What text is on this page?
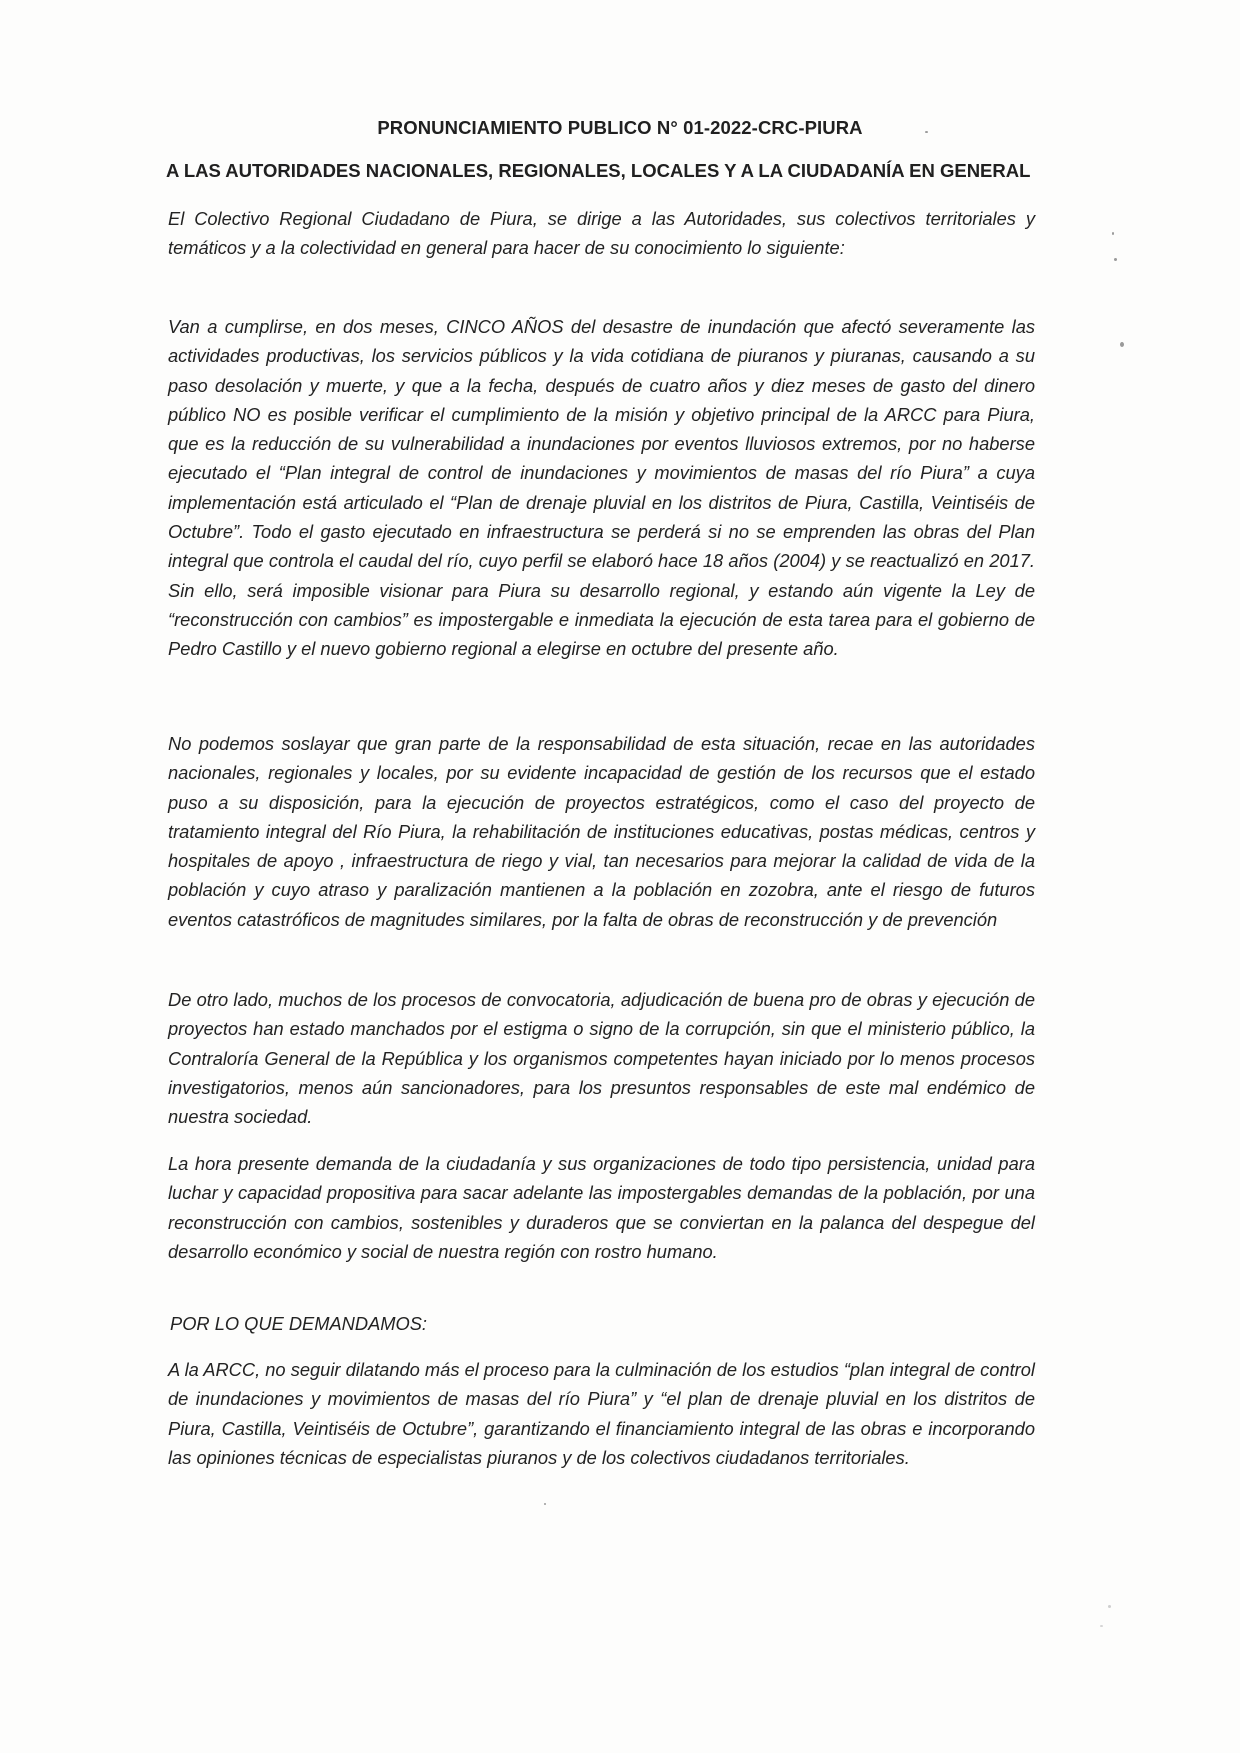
PRONUNCIAMIENTO PUBLICO N° 01-2022-CRC-PIURA
A LAS AUTORIDADES NACIONALES, REGIONALES, LOCALES Y A LA CIUDADANÍA EN GENERAL

El Colectivo Regional Ciudadano de Piura, se dirige a las Autoridades, sus colectivos territoriales y temáticos y a la colectividad en general para hacer de su conocimiento lo siguiente:

Van a cumplirse, en dos meses, CINCO AÑOS del desastre de inundación que afectó severamente las actividades productivas, los servicios públicos y la vida cotidiana de piuranos y piuranas, causando a su paso desolación y muerte, y que a la fecha, después de cuatro años y diez meses de gasto del dinero público NO es posible verificar el cumplimiento de la misión y objetivo principal de la ARCC para Piura, que es la reducción de su vulnerabilidad a inundaciones por eventos lluviosos extremos, por no haberse ejecutado el “Plan integral de control de inundaciones y movimientos de masas del río Piura” a cuya implementación está articulado el “Plan de drenaje pluvial en los distritos de Piura, Castilla, Veintiséis de Octubre”. Todo el gasto ejecutado en infraestructura se perderá si no se emprenden las obras del Plan integral que controla el caudal del río, cuyo perfil se elaboró hace 18 años (2004) y se reactualizó en 2017. Sin ello, será imposible visionar para Piura su desarrollo regional, y estando aún vigente la Ley de “reconstrucción con cambios” es impostergable e inmediata la ejecución de esta tarea para el gobierno de Pedro Castillo y el nuevo gobierno regional a elegirse en octubre del presente año.

No podemos soslayar que gran parte de la responsabilidad de esta situación, recae en las autoridades nacionales, regionales y locales, por su evidente incapacidad de gestión de los recursos que el estado puso a su disposición, para la ejecución de proyectos estratégicos, como el caso del proyecto de tratamiento integral del Río Piura, la rehabilitación de instituciones educativas, postas médicas, centros y hospitales de apoyo , infraestructura de riego y vial, tan necesarios para mejorar la calidad de vida de la población y cuyo atraso y paralización mantienen a la población en zozobra, ante el riesgo de futuros eventos catastróficos de magnitudes similares, por la falta de obras de reconstrucción y de prevención

De otro lado, muchos de los procesos de convocatoria, adjudicación de buena pro de obras y ejecución de proyectos han estado manchados por el estigma o signo de la corrupción, sin que el ministerio público, la Contraloría General de la República y los organismos competentes hayan iniciado por lo menos procesos investigatorios, menos aún sancionadores, para los presuntos responsables de este mal endémico de nuestra sociedad.

La hora presente demanda de la ciudadanía y sus organizaciones de todo tipo persistencia, unidad para luchar y capacidad propositiva para sacar adelante las impostergables demandas de la población, por una reconstrucción con cambios, sostenibles y duraderos que se conviertan en la palanca del despegue del desarrollo económico y social de nuestra región con rostro humano.

POR LO QUE DEMANDAMOS:

A la ARCC, no seguir dilatando más el proceso para la culminación de los estudios “plan integral de control de inundaciones y movimientos de masas del río Piura” y “el plan de drenaje pluvial en los distritos de Piura, Castilla, Veintiséis de Octubre”, garantizando el financiamiento integral de las obras e incorporando las opiniones técnicas de especialistas piuranos y de los colectivos ciudadanos territoriales.
